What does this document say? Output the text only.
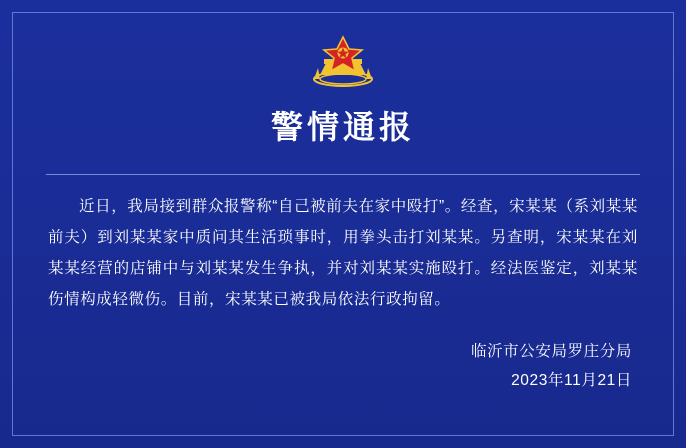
警情通报
近日，我局接到群众报警称“自己被前夫在家中殴打”。经查，宋某某（系刘某某前夫）到刘某某家中质问其生活琐事时，用拳头击打刘某某。另查明，宋某某在刘某某经营的店铺中与刘某某发生争执，并对刘某某实施殴打。经法医鉴定，刘某某伤情构成轻微伤。目前，宋某某已被我局依法行政拘留。
临沂市公安局罗庄分局
2023年11月21日
